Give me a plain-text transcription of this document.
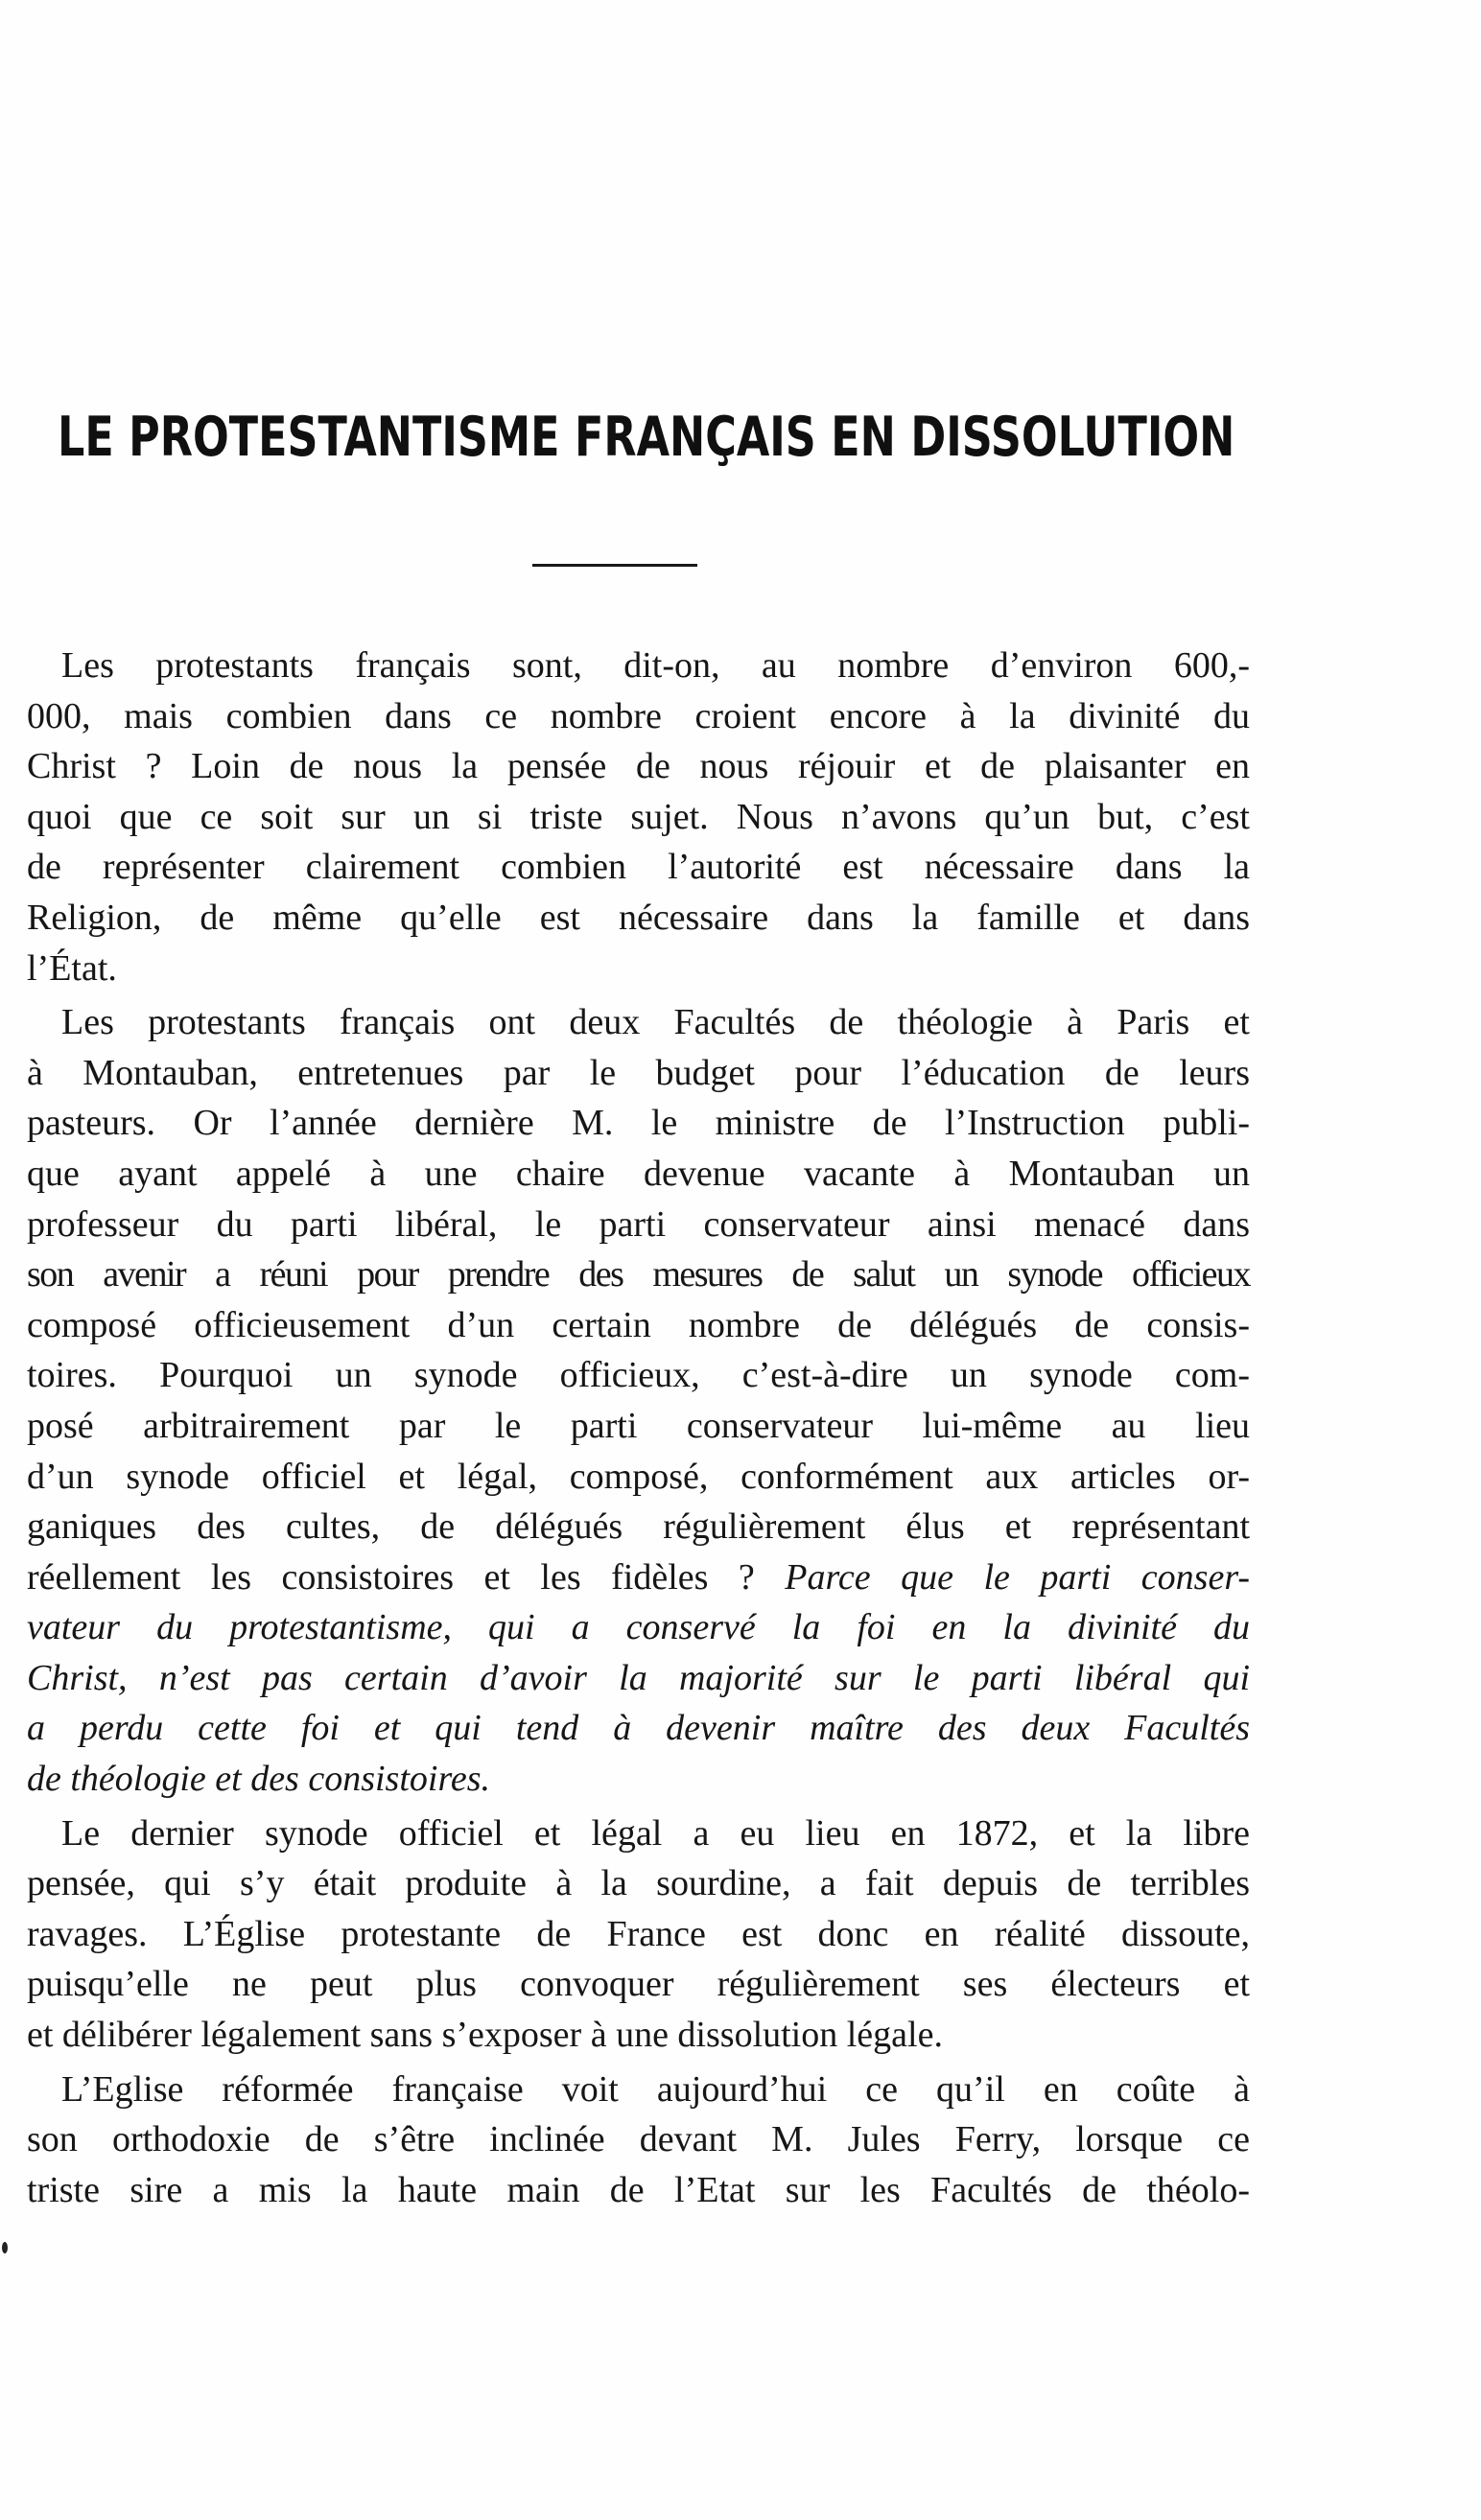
LE PROTESTANTISME FRANÇAIS EN DISSOLUTION
Les protestants français sont, dit-on, au nombre d’environ 600,-
000, mais combien dans ce nombre croient encore à la divinité du
Christ ? Loin de nous la pensée de nous réjouir et de plaisanter en
quoi que ce soit sur un si triste sujet. Nous n’avons qu’un but, c’est
de représenter clairement combien l’autorité est nécessaire dans la
Religion, de même qu’elle est nécessaire dans la famille et dans
l’État.
Les protestants français ont deux Facultés de théologie à Paris et
à Montauban, entretenues par le budget pour l’éducation de leurs
pasteurs. Or l’année dernière M. le ministre de l’Instruction publi-
que ayant appelé à une chaire devenue vacante à Montauban un
professeur du parti libéral, le parti conservateur ainsi menacé dans
son avenir a réuni pour prendre des mesures de salut un synode officieux
composé officieusement d’un certain nombre de délégués de consis-
toires. Pourquoi un synode officieux, c’est-à-dire un synode com-
posé arbitrairement par le parti conservateur lui-même au lieu
d’un synode officiel et légal, composé, conformément aux articles or-
ganiques des cultes, de délégués régulièrement élus et représentant
réellement les consistoires et les fidèles ? Parce que le parti conser-
vateur du protestantisme, qui a conservé la foi en la divinité du
Christ, n’est pas certain d’avoir la majorité sur le parti libéral qui
a perdu cette foi et qui tend à devenir maître des deux Facultés
de théologie et des consistoires.
Le dernier synode officiel et légal a eu lieu en 1872, et la libre
pensée, qui s’y était produite à la sourdine, a fait depuis de terribles
ravages. L’Église protestante de France est donc en réalité dissoute,
puisqu’elle ne peut plus convoquer régulièrement ses électeurs et
et délibérer légalement sans s’exposer à une dissolution légale.
L’Eglise réformée française voit aujourd’hui ce qu’il en coûte à
son orthodoxie de s’être inclinée devant M. Jules Ferry, lorsque ce
triste sire a mis la haute main de l’Etat sur les Facultés de théolo-
